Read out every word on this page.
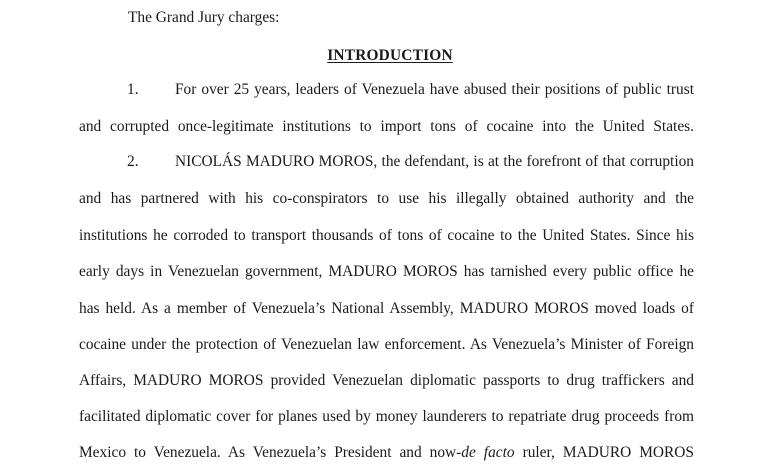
The Grand Jury charges:
INTRODUCTION
1. For over 25 years, leaders of Venezuela have abused their positions of public trust
and corrupted once-legitimate institutions to import tons of cocaine into the United States.
2. NICOLÁS MADURO MOROS, the defendant, is at the forefront of that corruption
and has partnered with his co-conspirators to use his illegally obtained authority and the
institutions he corroded to transport thousands of tons of cocaine to the United States. Since his
early days in Venezuelan government, MADURO MOROS has tarnished every public office he
has held. As a member of Venezuela’s National Assembly, MADURO MOROS moved loads of
cocaine under the protection of Venezuelan law enforcement. As Venezuela’s Minister of Foreign
Affairs, MADURO MOROS provided Venezuelan diplomatic passports to drug traffickers and
facilitated diplomatic cover for planes used by money launderers to repatriate drug proceeds from
Mexico to Venezuela. As Venezuela’s President and now-de facto ruler, MADURO MOROS
